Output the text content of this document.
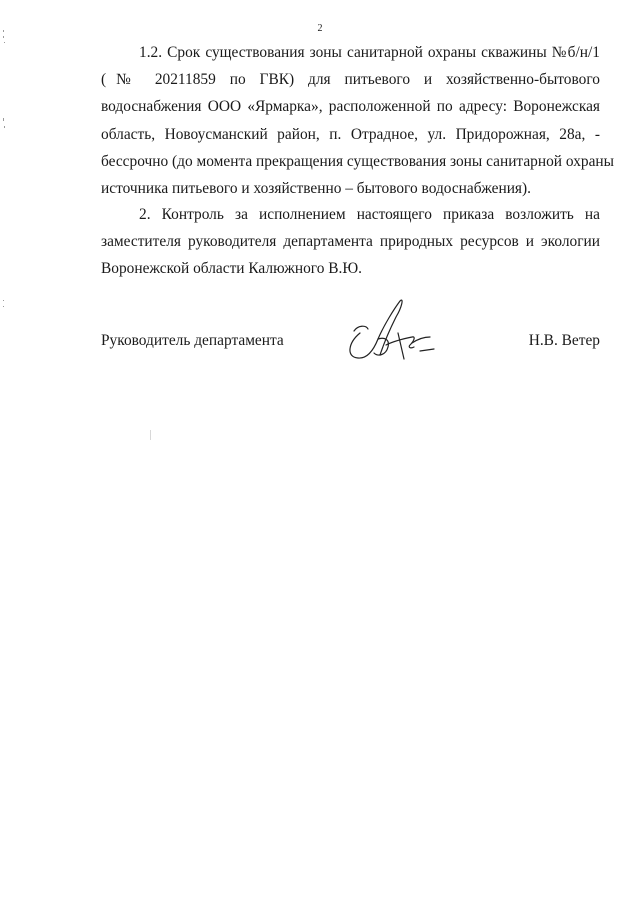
2

1.2. Срок существования зоны санитарной охраны скважины №б/н/1
(№ 20211859 по ГВК) для питьевого и хозяйственно-бытового
водоснабжения ООО «Ярмарка», расположенной по адресу: Воронежская
область, Новоусманский район, п. Отрадное, ул. Придорожная, 28а, -
бессрочно (до момента прекращения существования зоны санитарной охраны
источника питьевого и хозяйственно – бытового водоснабжения).

2. Контроль за исполнением настоящего приказа возложить на
заместителя руководителя департамента природных ресурсов и экологии
Воронежской области Калюжного В.Ю.

Руководитель департамента	Н.В. Ветер
